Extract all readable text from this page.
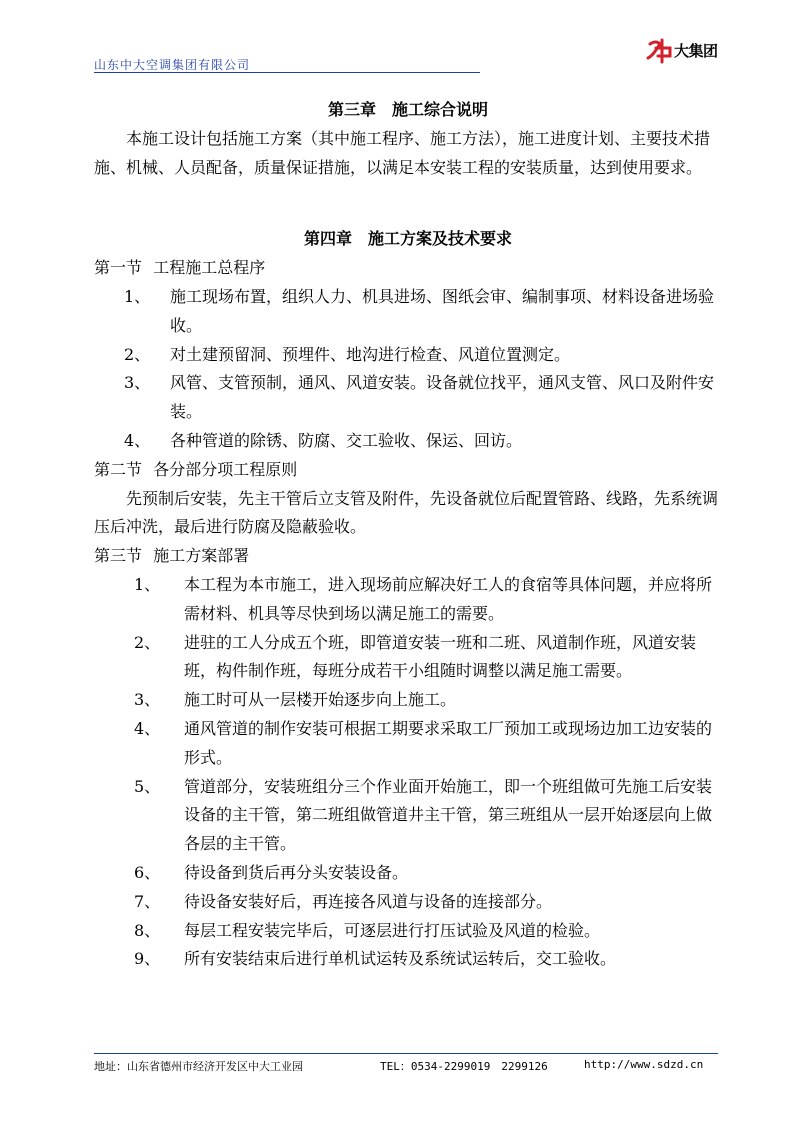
山东中大空调集团有限公司
大集团
第三章　施工综合说明
本施工设计包括施工方案（其中施工程序、施工方法），施工进度计划、主要技术措施、机械、人员配备，质量保证措施，以满足本安装工程的安装质量，达到使用要求。
第四章　施工方案及技术要求
第一节 工程施工总程序
1、	施工现场布置，组织人力、机具进场、图纸会审、编制事项、材料设备进场验收。
2、	对土建预留洞、预埋件、地沟进行检查、风道位置测定。
3、	风管、支管预制，通风、风道安装。设备就位找平，通风支管、风口及附件安装。
4、	各种管道的除锈、防腐、交工验收、保运、回访。
第二节 各分部分项工程原则
先预制后安装，先主干管后立支管及附件，先设备就位后配置管路、线路，先系统调压后冲洗，最后进行防腐及隐蔽验收。
第三节 施工方案部署
1、	本工程为本市施工，进入现场前应解决好工人的食宿等具体问题，并应将所需材料、机具等尽快到场以满足施工的需要。
2、	进驻的工人分成五个班，即管道安装一班和二班、风道制作班，风道安装班，构件制作班，每班分成若干小组随时调整以满足施工需要。
3、	施工时可从一层楼开始逐步向上施工。
4、	通风管道的制作安装可根据工期要求采取工厂预加工或现场边加工边安装的形式。
5、	管道部分，安装班组分三个作业面开始施工，即一个班组做可先施工后安装设备的主干管，第二班组做管道井主干管，第三班组从一层开始逐层向上做各层的主干管。
6、	待设备到货后再分头安装设备。
7、	待设备安装好后，再连接各风道与设备的连接部分。
8、	每层工程安装完毕后，可逐层进行打压试验及风道的检验。
9、	所有安装结束后进行单机试运转及系统试运转后，交工验收。
地址：山东省德州市经济开发区中大工业园	TEL：0534-2299019　2299126	http://www.sdzd.cn
